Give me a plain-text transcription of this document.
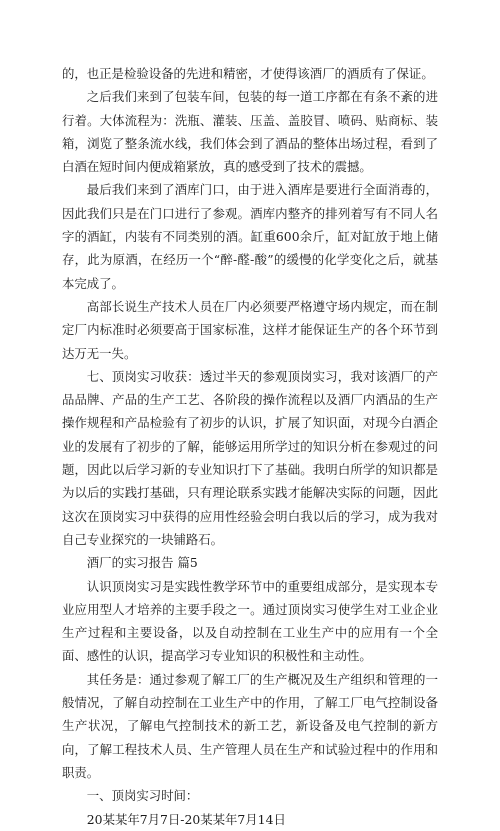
的，也正是检验设备的先进和精密，才使得该酒厂的酒质有了保证。

之后我们来到了包装车间，包装的每一道工序都在有条不紊的进行着。大体流程为：洗瓶、灌装、压盖、盖胶冒、喷码、贴商标、装箱，浏览了整条流水线，我们体会到了酒品的整体出场过程，看到了白酒在短时间内便成箱紧放，真的感受到了技术的震撼。

最后我们来到了酒库门口，由于进入酒库是要进行全面消毒的，因此我们只是在门口进行了参观。酒库内整齐的排列着写有不同人名字的酒缸，内装有不同类别的酒。缸重600余斤，缸对缸放于地上储存，此为原酒，在经历一个“醉-醛-酸”的缓慢的化学变化之后，就基本完成了。

高部长说生产技术人员在厂内必须要严格遵守场内规定，而在制定厂内标准时必须要高于国家标准，这样才能保证生产的各个环节到达万无一失。

七、顶岗实习收获：透过半天的参观顶岗实习，我对该酒厂的产品品牌、产品的生产工艺、各阶段的操作流程以及酒厂内酒品的生产操作规程和产品检验有了初步的认识，扩展了知识面，对现今白酒企业的发展有了初步的了解，能够运用所学过的知识分析在参观过的问题，因此以后学习新的专业知识打下了基础。我明白所学的知识都是为以后的实践打基础，只有理论联系实践才能解决实际的问题，因此这次在顶岗实习中获得的应用性经验会明白我以后的学习，成为我对自己专业探究的一块铺路石。

酒厂的实习报告 篇5

认识顶岗实习是实践性教学环节中的重要组成部分，是实现本专业应用型人才培养的主要手段之一。通过顶岗实习使学生对工业企业生产过程和主要设备，以及自动控制在工业生产中的应用有一个全面、感性的认识，提高学习专业知识的积极性和主动性。

其任务是：通过参观了解工厂的生产概况及生产组织和管理的一般情况，了解自动控制在工业生产中的作用，了解工厂电气控制设备生产状况，了解电气控制技术的新工艺，新设备及电气控制的新方向，了解工程技术人员、生产管理人员在生产和试验过程中的作用和职责。

一、顶岗实习时间：

20某某年7月7日-20某某年7月14日
